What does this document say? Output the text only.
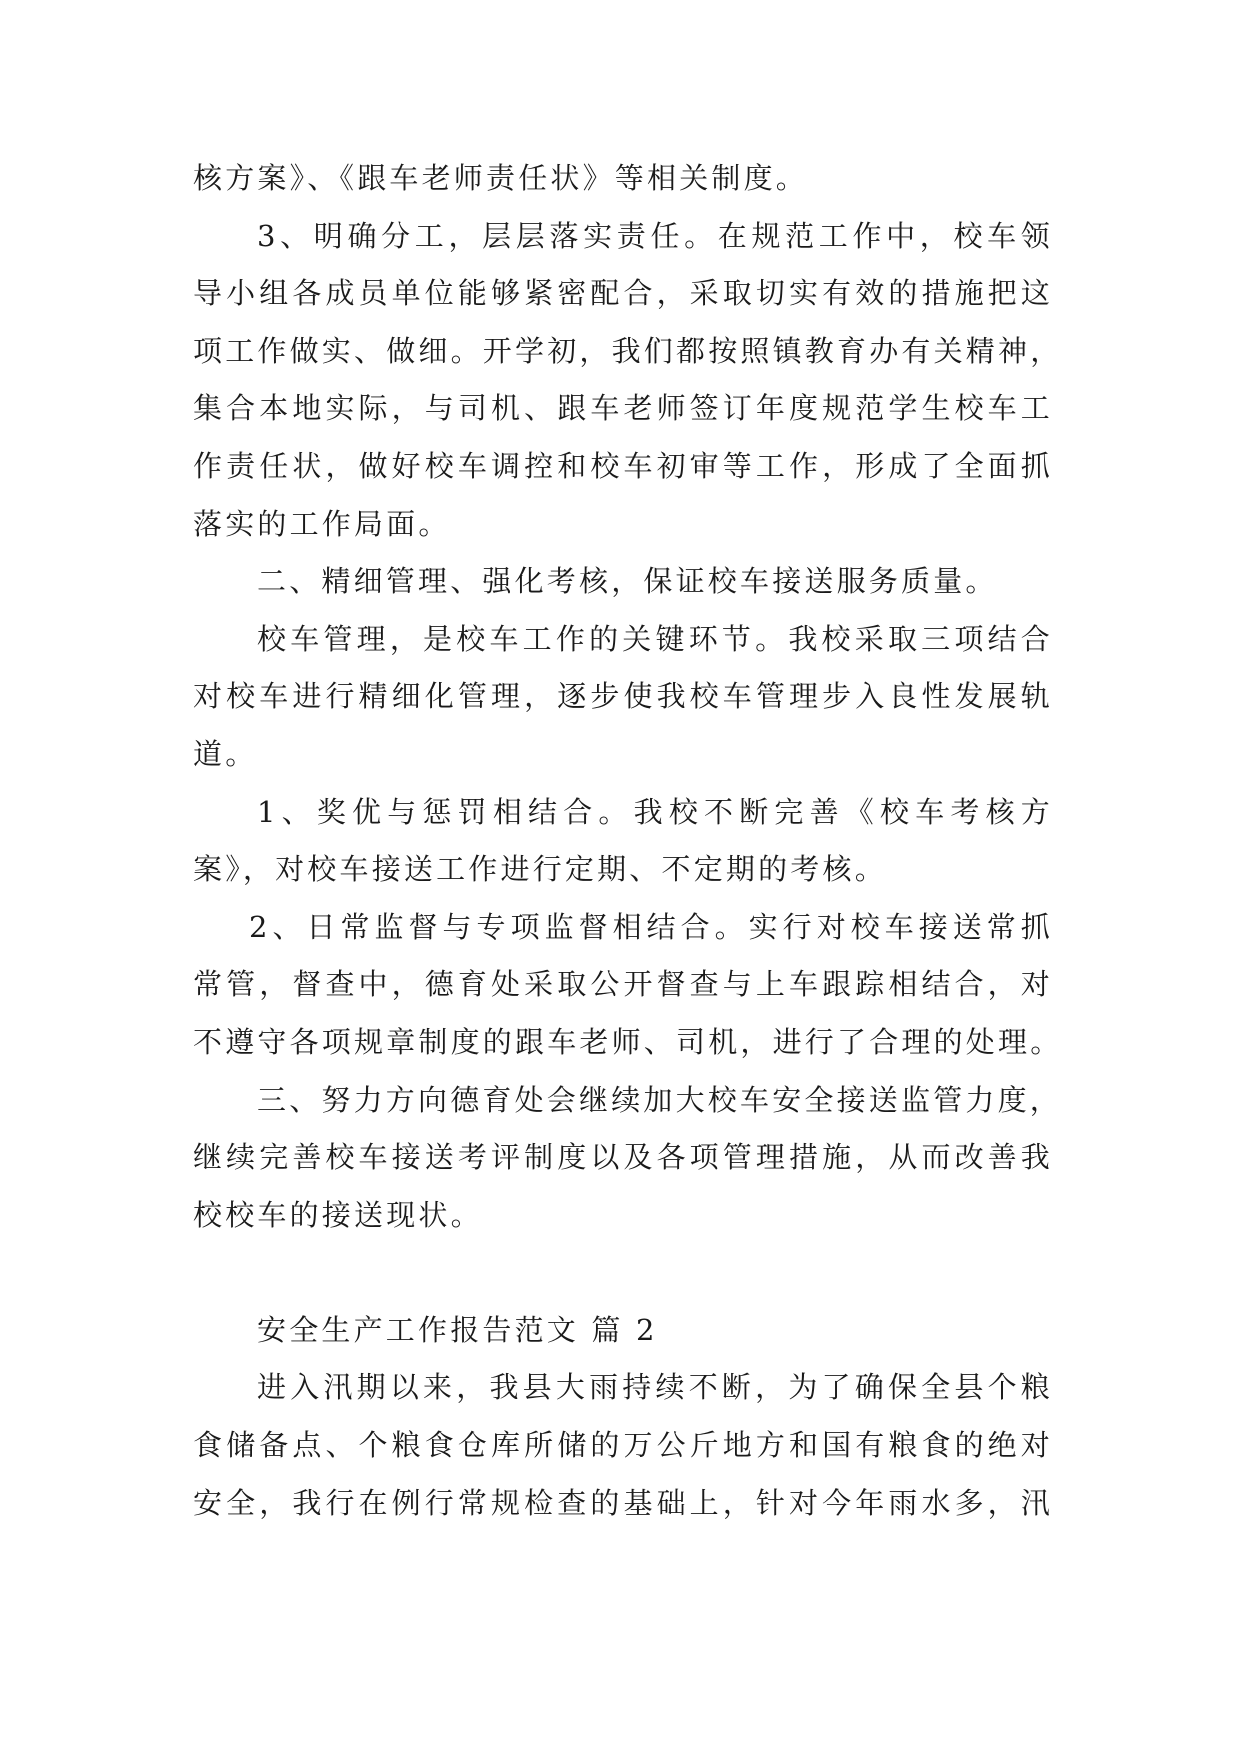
核方案》、《跟车老师责任状》等相关制度。
3、明确分工，层层落实责任。在规范工作中，校车领
导小组各成员单位能够紧密配合，采取切实有效的措施把这
项工作做实、做细。开学初，我们都按照镇教育办有关精神，
集合本地实际，与司机、跟车老师签订年度规范学生校车工
作责任状，做好校车调控和校车初审等工作，形成了全面抓
落实的工作局面。
二、精细管理、强化考核，保证校车接送服务质量。
校车管理，是校车工作的关键环节。我校采取三项结合
对校车进行精细化管理，逐步使我校车管理步入良性发展轨
道。
1、奖优与惩罚相结合。我校不断完善《校车考核方
案》，对校车接送工作进行定期、不定期的考核。
2、日常监督与专项监督相结合。实行对校车接送常抓
常管，督查中，德育处采取公开督查与上车跟踪相结合，对
不遵守各项规章制度的跟车老师、司机，进行了合理的处理。
三、努力方向德育处会继续加大校车安全接送监管力度，
继续完善校车接送考评制度以及各项管理措施，从而改善我
校校车的接送现状。
安全生产工作报告范文 篇 2
进入汛期以来，我县大雨持续不断，为了确保全县个粮
食储备点、个粮食仓库所储的万公斤地方和国有粮食的绝对
安全，我行在例行常规检查的基础上，针对今年雨水多，汛
